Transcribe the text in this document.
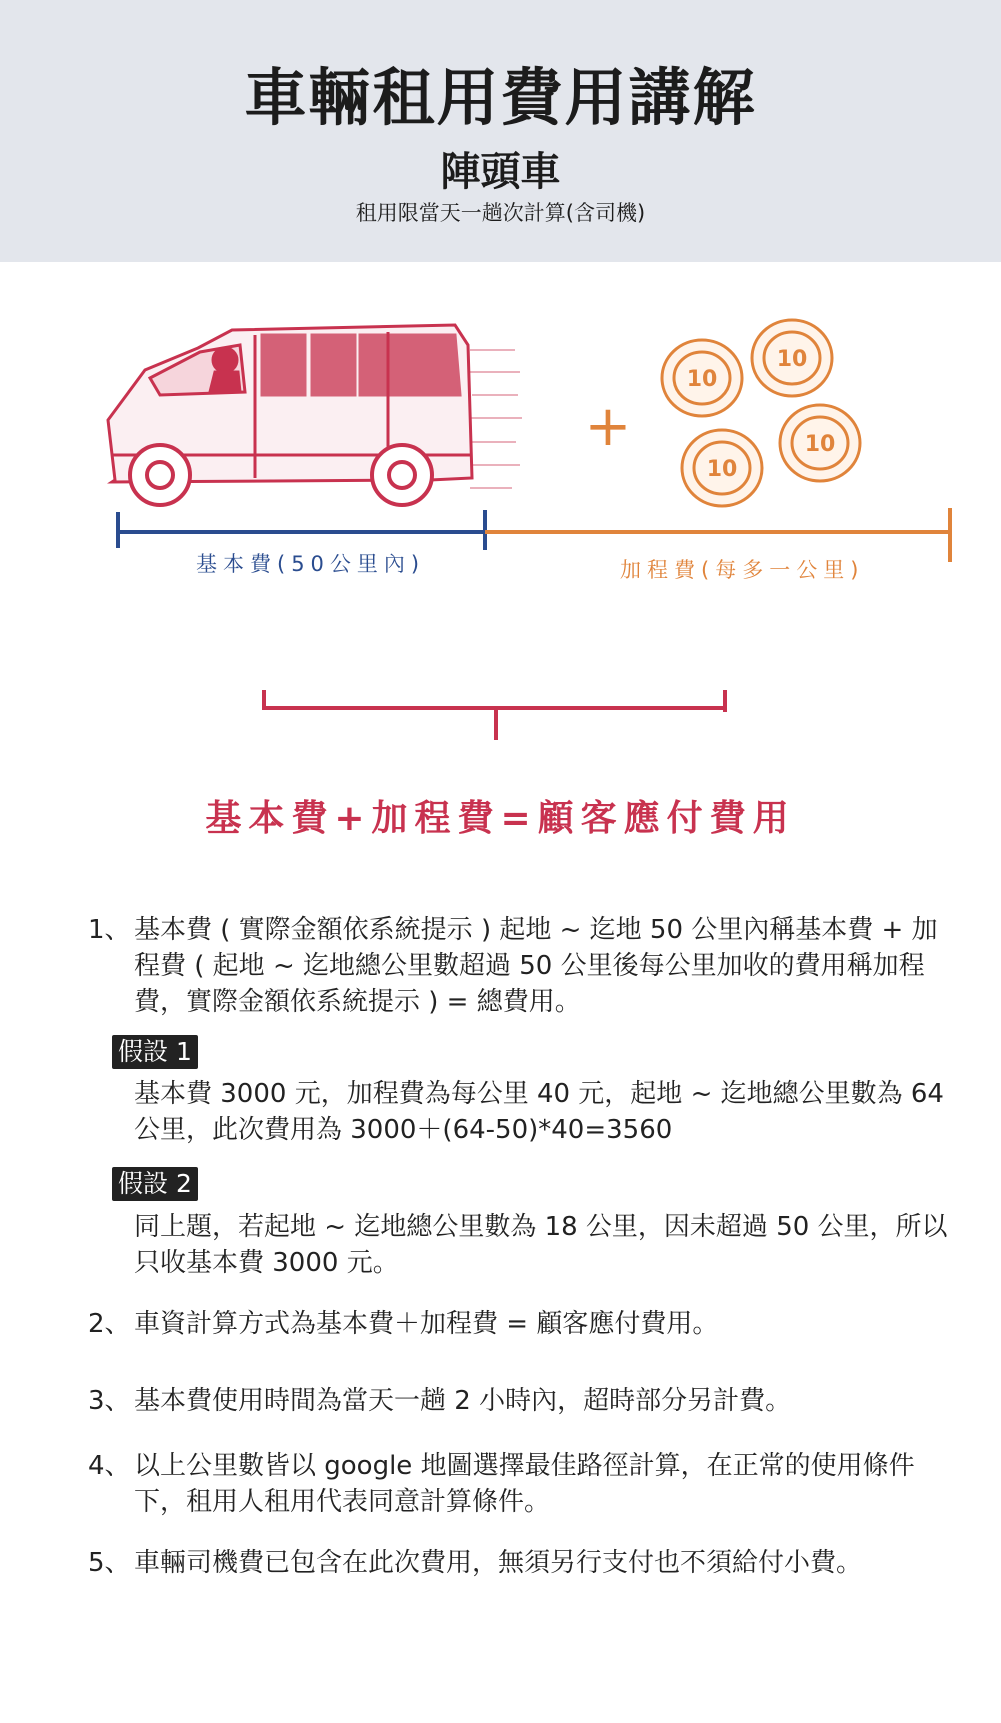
車輛租用費用講解
陣頭車
租用限當天一趟次計算(含司機)
+
10
10
10
10
基本費(50公里內)	加程費(每多一公里)
基本費+加程費=顧客應付費用
1、 基本費 ( 實際金額依系統提示 ) 起地 ~ 迄地 50 公里內稱基本費 + 加程費 ( 起地 ~ 迄地總公里數超過 50 公里後每公里加收的費用稱加程費，實際金額依系統提示 ) = 總費用。
假設 1
基本費 3000 元，加程費為每公里 40 元，起地 ~ 迄地總公里數為 64公里，此次費用為 3000＋(64-50)*40=3560
假設 2
同上題，若起地 ~ 迄地總公里數為 18 公里，因未超過 50 公里，所以只收基本費 3000 元。
2、 車資計算方式為基本費＋加程費 = 顧客應付費用。
3、 基本費使用時間為當天一趟 2 小時內，超時部分另計費。
4、 以上公里數皆以 google 地圖選擇最佳路徑計算，在正常的使用條件下，租用人租用代表同意計算條件。
5、 車輛司機費已包含在此次費用，無須另行支付也不須給付小費。
